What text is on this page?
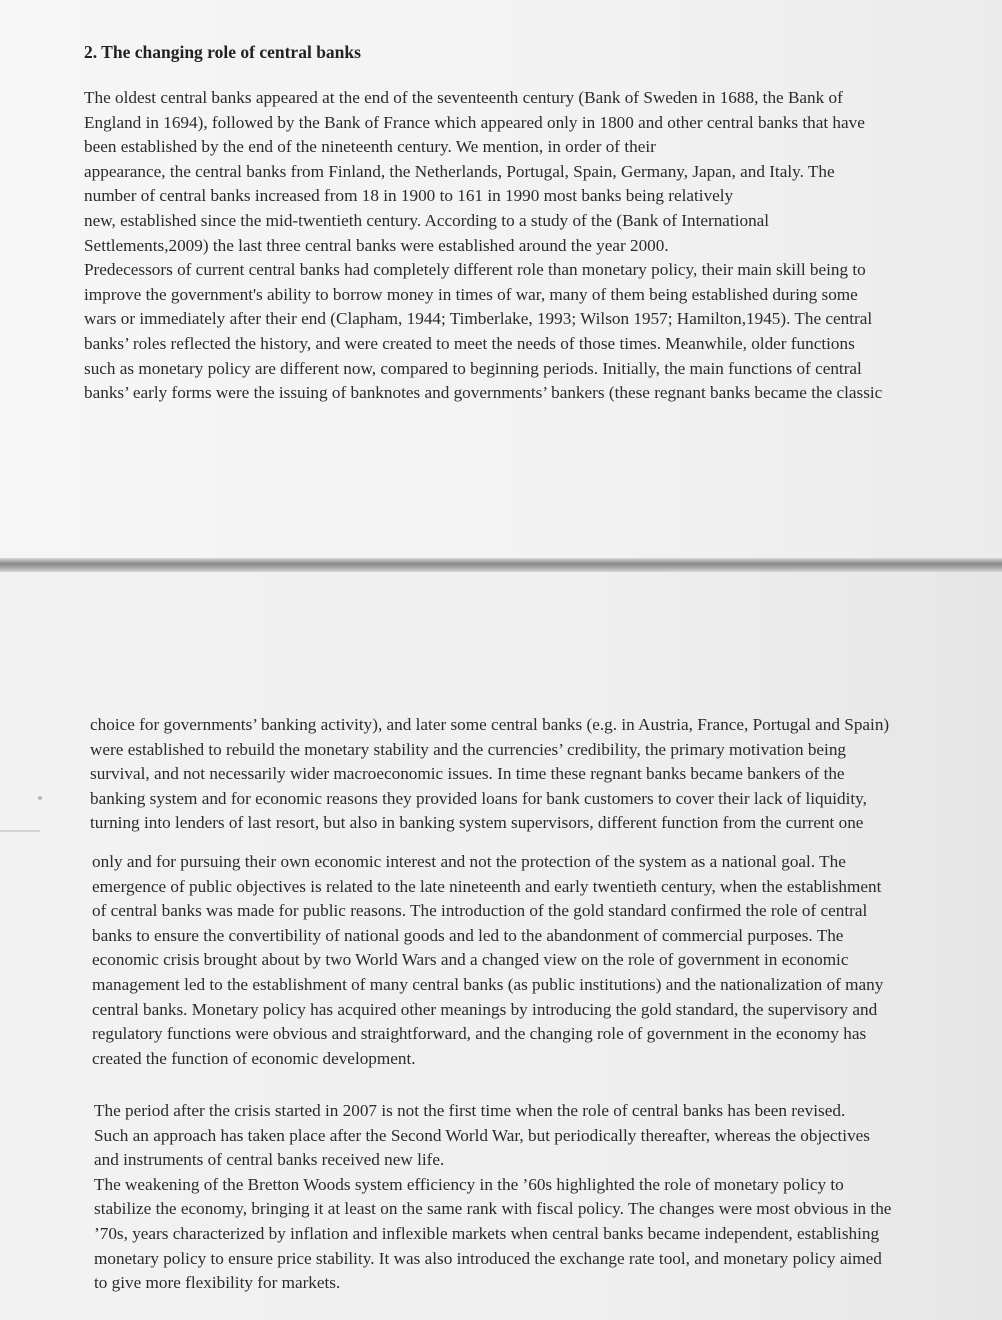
2. The changing role of central banks
The oldest central banks appeared at the end of the seventeenth century (Bank of Sweden in 1688, the Bank of
England in 1694), followed by the Bank of France which appeared only in 1800 and other central banks that have
been established by the end of the nineteenth century. We mention, in order of their
appearance, the central banks from Finland, the Netherlands, Portugal, Spain, Germany, Japan, and Italy. The
number of central banks increased from 18 in 1900 to 161 in 1990 most banks being relatively
new, established since the mid-twentieth century. According to a study of the (Bank of International
Settlements,2009) the last three central banks were established around the year 2000.
Predecessors of current central banks had completely different role than monetary policy, their main skill being to
improve the government's ability to borrow money in times of war, many of them being established during some
wars or immediately after their end (Clapham, 1944; Timberlake, 1993; Wilson 1957; Hamilton,1945). The central
banks’ roles reflected the history, and were created to meet the needs of those times. Meanwhile, older functions
such as monetary policy are different now, compared to beginning periods. Initially, the main functions of central
banks’ early forms were the issuing of banknotes and governments’ bankers (these regnant banks became the classic
choice for governments’ banking activity), and later some central banks (e.g. in Austria, France, Portugal and Spain)
were established to rebuild the monetary stability and the currencies’ credibility, the primary motivation being
survival, and not necessarily wider macroeconomic issues. In time these regnant banks became bankers of the
banking system and for economic reasons they provided loans for bank customers to cover their lack of liquidity,
turning into lenders of last resort, but also in banking system supervisors, different function from the current one
only and for pursuing their own economic interest and not the protection of the system as a national goal. The
emergence of public objectives is related to the late nineteenth and early twentieth century, when the establishment
of central banks was made for public reasons. The introduction of the gold standard confirmed the role of central
banks to ensure the convertibility of national goods and led to the abandonment of commercial purposes. The
economic crisis brought about by two World Wars and a changed view on the role of government in economic
management led to the establishment of many central banks (as public institutions) and the nationalization of many
central banks. Monetary policy has acquired other meanings by introducing the gold standard, the supervisory and
regulatory functions were obvious and straightforward, and the changing role of government in the economy has
created the function of economic development.
The period after the crisis started in 2007 is not the first time when the role of central banks has been revised.
Such an approach has taken place after the Second World War, but periodically thereafter, whereas the objectives
and instruments of central banks received new life.
The weakening of the Bretton Woods system efficiency in the ’60s highlighted the role of monetary policy to
stabilize the economy, bringing it at least on the same rank with fiscal policy. The changes were most obvious in the
’70s, years characterized by inflation and inflexible markets when central banks became independent, establishing
monetary policy to ensure price stability. It was also introduced the exchange rate tool, and monetary policy aimed
to give more flexibility for markets.
